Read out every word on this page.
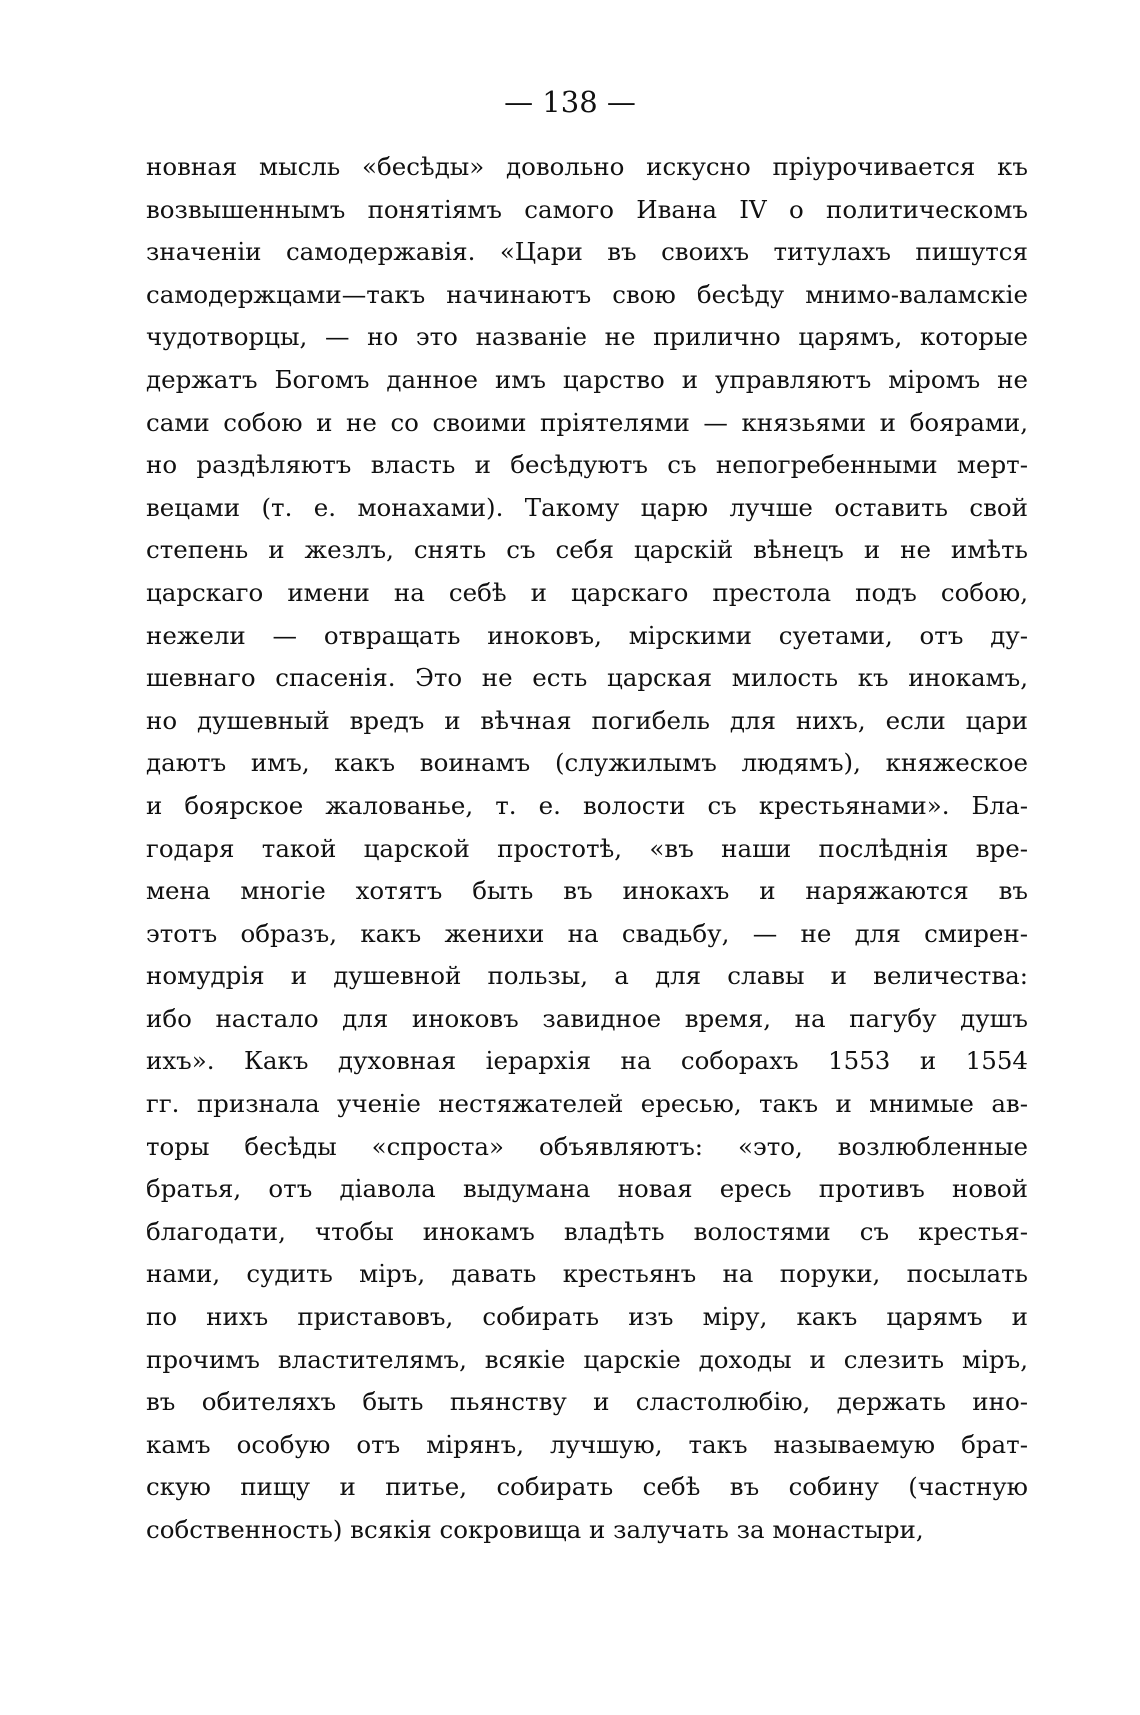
— 138 —
новная мысль «бесѣды» довольно искусно пріурочивается къ
возвышеннымъ понятіямъ самого Ивана IV о политическомъ
значеніи самодержавія. «Цари въ своихъ титулахъ пишутся
самодержцами—такъ начинаютъ свою бесѣду мнимо-валамскіе
чудотворцы, — но это названіе не прилично царямъ, которые
держатъ Богомъ данное имъ царство и управляютъ міромъ не
сами собою и не со своими пріятелями — князьями и боярами,
но раздѣляютъ власть и бесѣдуютъ съ непогребенными мерт-
вецами (т. е. монахами). Такому царю лучше оставить свой
степень и жезлъ, снять съ себя царскій вѣнецъ и не имѣть
царскаго имени на себѣ и царскаго престола подъ собою,
нежели — отвращать иноковъ, мірскими суетами, отъ ду-
шевнаго спасенія. Это не есть царская милость къ инокамъ,
но душевный вредъ и вѣчная погибель для нихъ, если цари
даютъ имъ, какъ воинамъ (служилымъ людямъ), княжеское
и боярское жалованье, т. е. волости съ крестьянами». Бла-
годаря такой царской простотѣ, «въ наши послѣднія вре-
мена многіе хотятъ быть въ инокахъ и наряжаются въ
этотъ образъ, какъ женихи на свадьбу, — не для смирен-
номудрія и душевной пользы, а для славы и величества:
ибо настало для иноковъ завидное время, на пагубу душъ
ихъ». Какъ духовная іерархія на соборахъ 1553 и 1554
гг. признала ученіе нестяжателей ересью, такъ и мнимые ав-
торы бесѣды «спроста» объявляютъ: «это, возлюбленные
братья, отъ діавола выдумана новая ересь противъ новой
благодати, чтобы инокамъ владѣть волостями съ крестья-
нами, судить міръ, давать крестьянъ на поруки, посылать
по нихъ приставовъ, собирать изъ міру, какъ царямъ и
прочимъ властителямъ, всякіе царскіе доходы и слезить міръ,
въ обителяхъ быть пьянству и сластолюбію, держать ино-
камъ особую отъ мірянъ, лучшую, такъ называемую брат-
скую пищу и питье, собирать себѣ въ собину (частную
собственность) всякія сокровища и залучать за монастыри,
